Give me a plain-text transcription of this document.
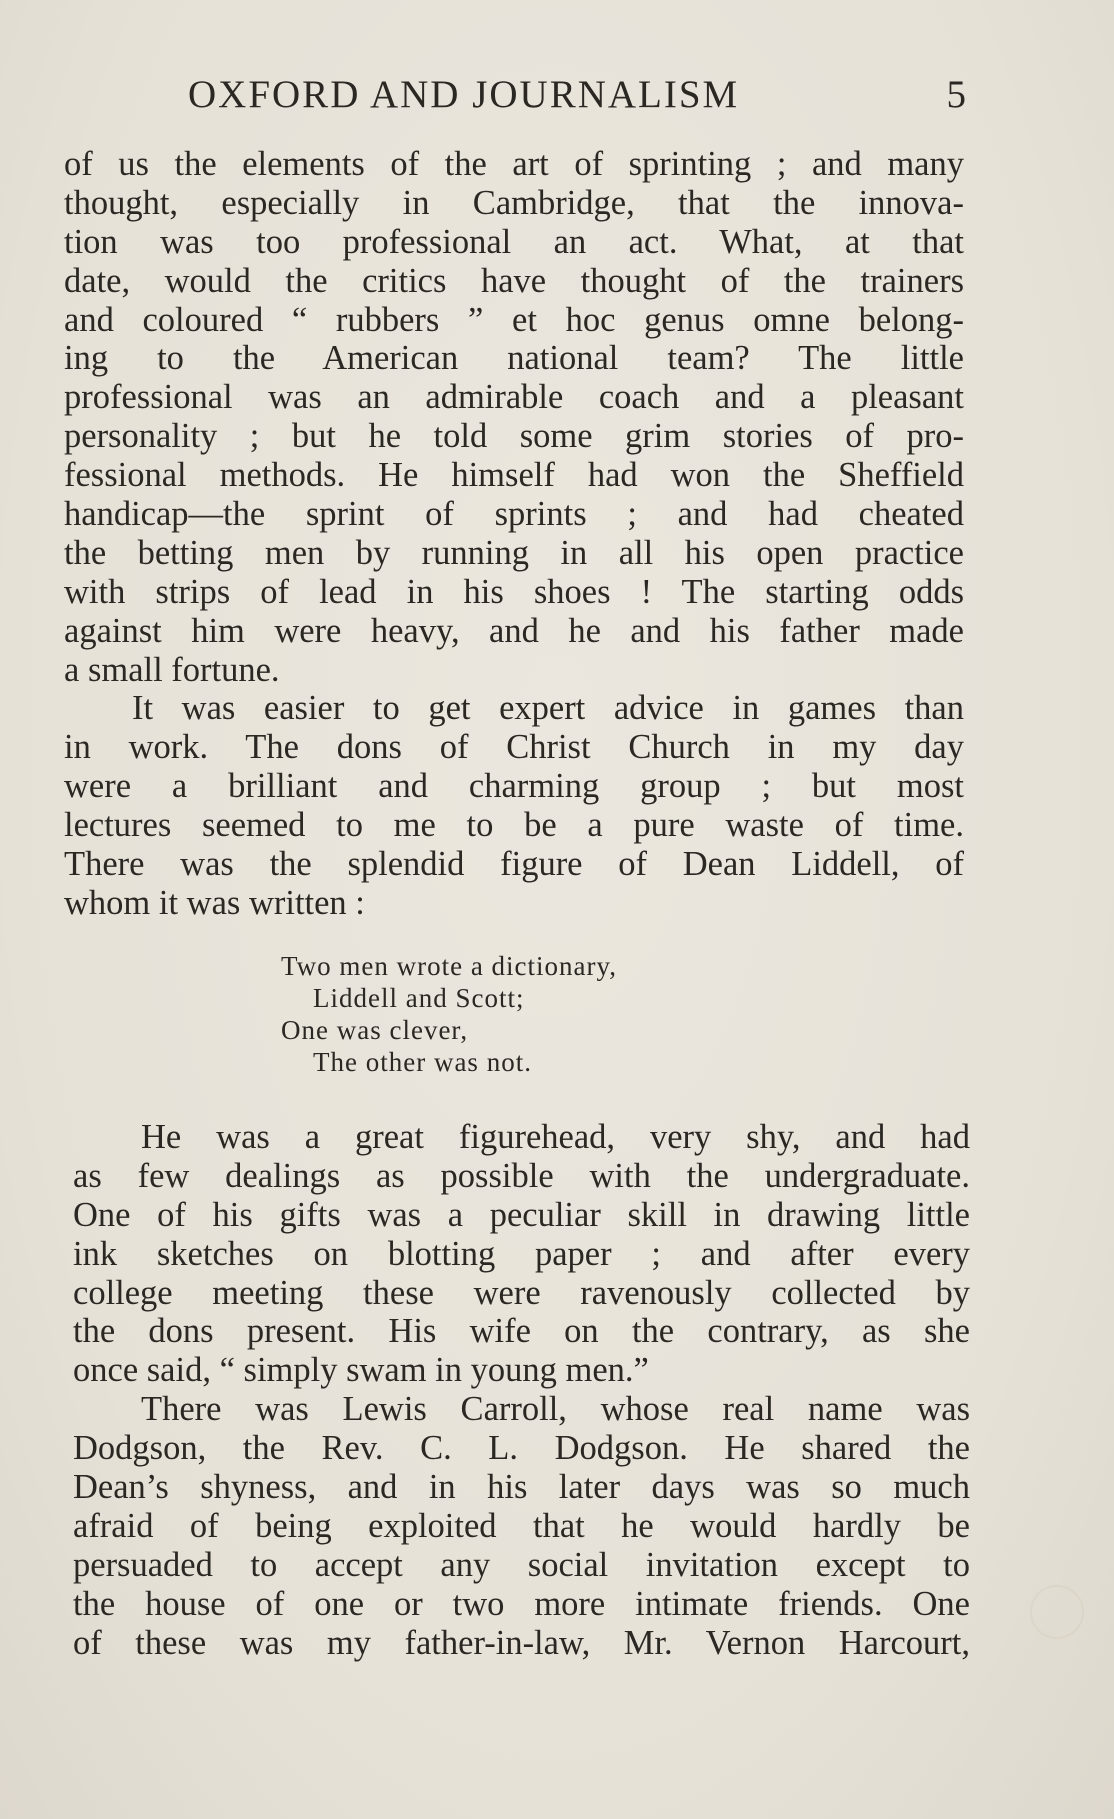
OXFORD AND JOURNALISM	5
of us the elements of the art of sprinting ; and many
thought, especially in Cambridge, that the innova-
tion was too professional an act. What, at that
date, would the critics have thought of the trainers
and coloured “ rubbers ” et hoc genus omne belong-
ing to the American national team? The little
professional was an admirable coach and a pleasant
personality ; but he told some grim stories of pro-
fessional methods. He himself had won the Sheffield
handicap—the sprint of sprints ; and had cheated
the betting men by running in all his open practice
with strips of lead in his shoes ! The starting odds
against him were heavy, and he and his father made
a small fortune.
It was easier to get expert advice in games than
in work. The dons of Christ Church in my day
were a brilliant and charming group ; but most
lectures seemed to me to be a pure waste of time.
There was the splendid figure of Dean Liddell, of
whom it was written :
Two men wrote a dictionary,
Liddell and Scott;
One was clever,
The other was not.
He was a great figurehead, very shy, and had
as few dealings as possible with the undergraduate.
One of his gifts was a peculiar skill in drawing little
ink sketches on blotting paper ; and after every
college meeting these were ravenously collected by
the dons present. His wife on the contrary, as she
once said, “ simply swam in young men.”
There was Lewis Carroll, whose real name was
Dodgson, the Rev. C. L. Dodgson. He shared the
Dean’s shyness, and in his later days was so much
afraid of being exploited that he would hardly be
persuaded to accept any social invitation except to
the house of one or two more intimate friends. One
of these was my father-in-law, Mr. Vernon Harcourt,
